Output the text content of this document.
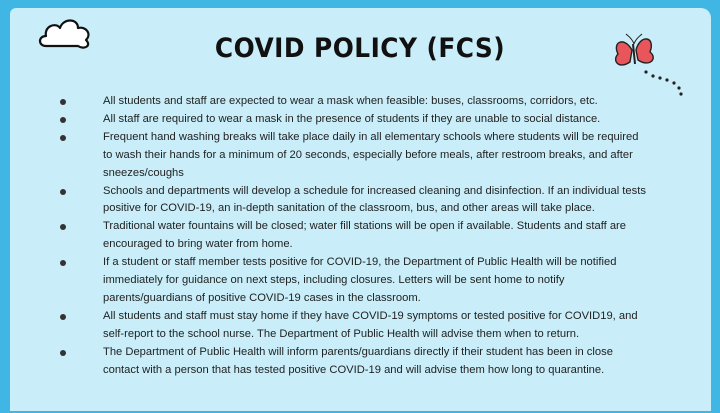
COVID POLICY (FCS)
All students and staff are expected to wear a mask when feasible: buses, classrooms, corridors, etc.
All staff are required to wear a mask in the presence of students if they are unable to social distance.
Frequent hand washing breaks will take place daily in all elementary schools where students will be required to wash their hands for a minimum of 20 seconds, especially before meals, after restroom breaks, and after sneezes/coughs
Schools and departments will develop a schedule for increased cleaning and disinfection. If an individual tests positive for COVID-19, an in-depth sanitation of the classroom, bus, and other areas will take place.
Traditional water fountains will be closed; water fill stations will be open if available. Students and staff are encouraged to bring water from home.
If a student or staff member tests positive for COVID-19, the Department of Public Health will be notified immediately for guidance on next steps, including closures. Letters will be sent home to notify parents/guardians of positive COVID-19 cases in the classroom.
All students and staff must stay home if they have COVID-19 symptoms or tested positive for COVID19, and self-report to the school nurse. The Department of Public Health will advise them when to return.
The Department of Public Health will inform parents/guardians directly if their student has been in close contact with a person that has tested positive COVID-19 and will advise them how long to quarantine.
